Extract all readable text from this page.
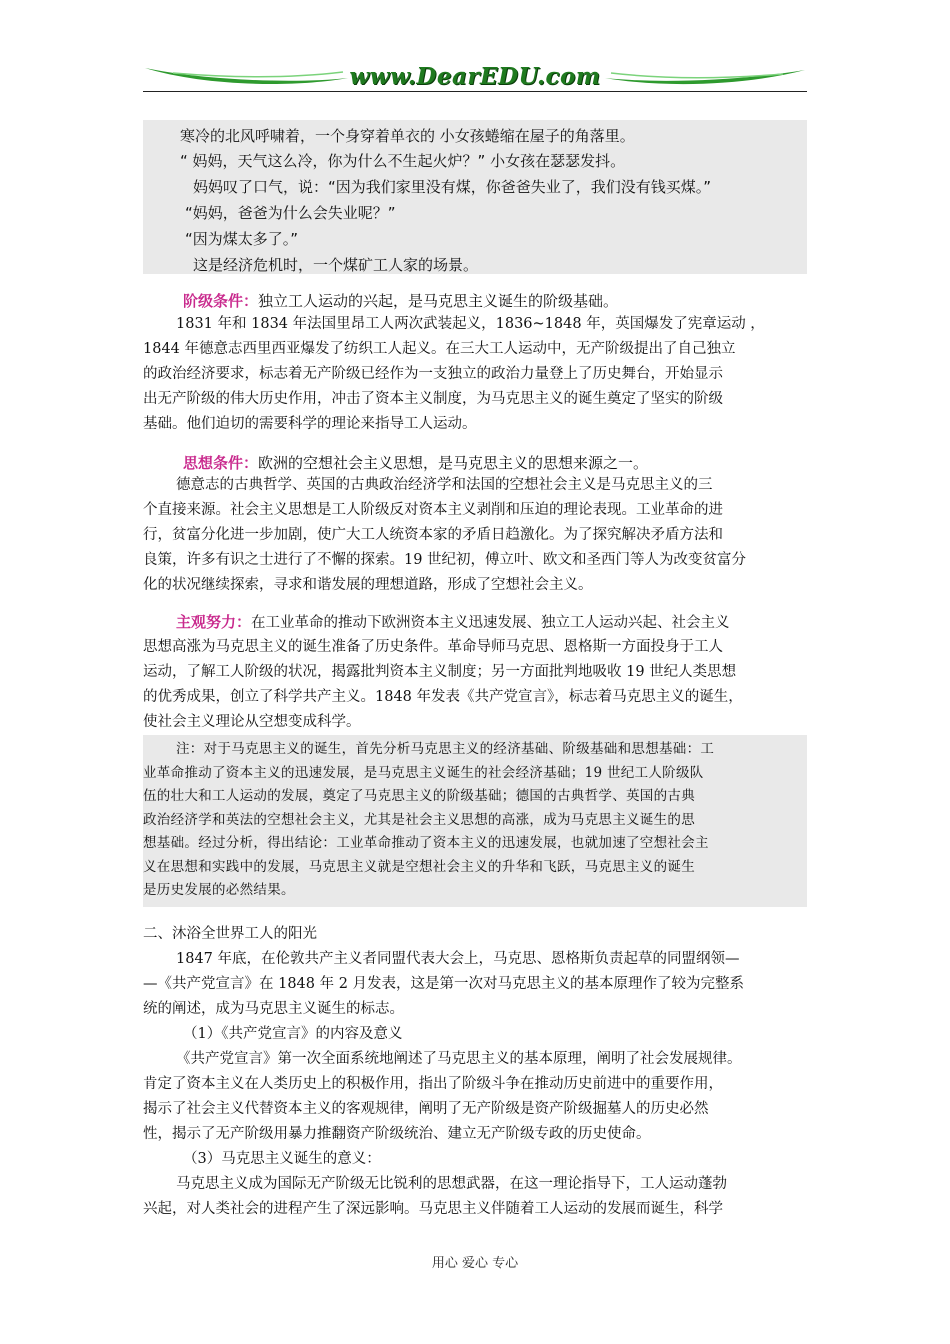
www.DearEDU.com
寒冷的北风呼啸着，一个身穿着单衣的 小女孩蜷缩在屋子的角落里。
“ 妈妈，天气这么冷，你为什么不生起火炉？” 小女孩在瑟瑟发抖。
妈妈叹了口气，说：“因为我们家里没有煤，你爸爸失业了，我们没有钱买煤。”
“妈妈，爸爸为什么会失业呢？”
“因为煤太多了。”
这是经济危机时，一个煤矿工人家的场景。
阶级条件：独立工人运动的兴起，是马克思主义诞生的阶级基础。
1831 年和 1834 年法国里昂工人两次武装起义，1836~1848 年，英国爆发了宪章运动 ，
1844 年德意志西里西亚爆发了纺织工人起义。在三大工人运动中，无产阶级提出了自己独立
的政治经济要求，标志着无产阶级已经作为一支独立的政治力量登上了历史舞台，开始显示
出无产阶级的伟大历史作用，冲击了资本主义制度，为马克思主义的诞生奠定了坚实的阶级
基础。他们迫切的需要科学的理论来指导工人运动。
思想条件：欧洲的空想社会主义思想，是马克思主义的思想来源之一。
德意志的古典哲学、英国的古典政治经济学和法国的空想社会主义是马克思主义的三
个直接来源。社会主义思想是工人阶级反对资本主义剥削和压迫的理论表现。工业革命的进
行，贫富分化进一步加剧，使广大工人统资本家的矛盾日趋激化。为了探究解决矛盾方法和
良策，许多有识之士进行了不懈的探索。19 世纪初，傅立叶、欧文和圣西门等人为改变贫富分
化的状况继续探索，寻求和谐发展的理想道路，形成了空想社会主义。
主观努力：在工业革命的推动下欧洲资本主义迅速发展、独立工人运动兴起、社会主义
思想高涨为马克思主义的诞生准备了历史条件。革命导师马克思、恩格斯一方面投身于工人
运动，了解工人阶级的状况，揭露批判资本主义制度；另一方面批判地吸收 19 世纪人类思想
的优秀成果，创立了科学共产主义。1848 年发表《共产党宣言》，标志着马克思主义的诞生，
使社会主义理论从空想变成科学。
注：对于马克思主义的诞生，首先分析马克思主义的经济基础、阶级基础和思想基础：工
业革命推动了资本主义的迅速发展，是马克思主义诞生的社会经济基础；19 世纪工人阶级队
伍的壮大和工人运动的发展，奠定了马克思主义的阶级基础；德国的古典哲学、英国的古典
政治经济学和英法的空想社会主义，尤其是社会主义思想的高涨，成为马克思主义诞生的思
想基础。经过分析，得出结论：工业革命推动了资本主义的迅速发展，也就加速了空想社会主
义在思想和实践中的发展，马克思主义就是空想社会主义的升华和飞跃，马克思主义的诞生
是历史发展的必然结果。
二、沐浴全世界工人的阳光
1847 年底，在伦敦共产主义者同盟代表大会上，马克思、恩格斯负责起草的同盟纲领—
—《共产党宣言》在 1848 年 2 月发表，这是第一次对马克思主义的基本原理作了较为完整系
统的阐述，成为马克思主义诞生的标志。
（1）《共产党宣言》的内容及意义
《共产党宣言》第一次全面系统地阐述了马克思主义的基本原理，阐明了社会发展规律。
肯定了资本主义在人类历史上的积极作用，指出了阶级斗争在推动历史前进中的重要作用，
揭示了社会主义代替资本主义的客观规律，阐明了无产阶级是资产阶级掘墓人的历史必然
性，揭示了无产阶级用暴力推翻资产阶级统治、建立无产阶级专政的历史使命。
（3）马克思主义诞生的意义：
马克思主义成为国际无产阶级无比锐利的思想武器，在这一理论指导下，工人运动蓬勃
兴起，对人类社会的进程产生了深远影响。马克思主义伴随着工人运动的发展而诞生，科学
用心 爱心 专心
